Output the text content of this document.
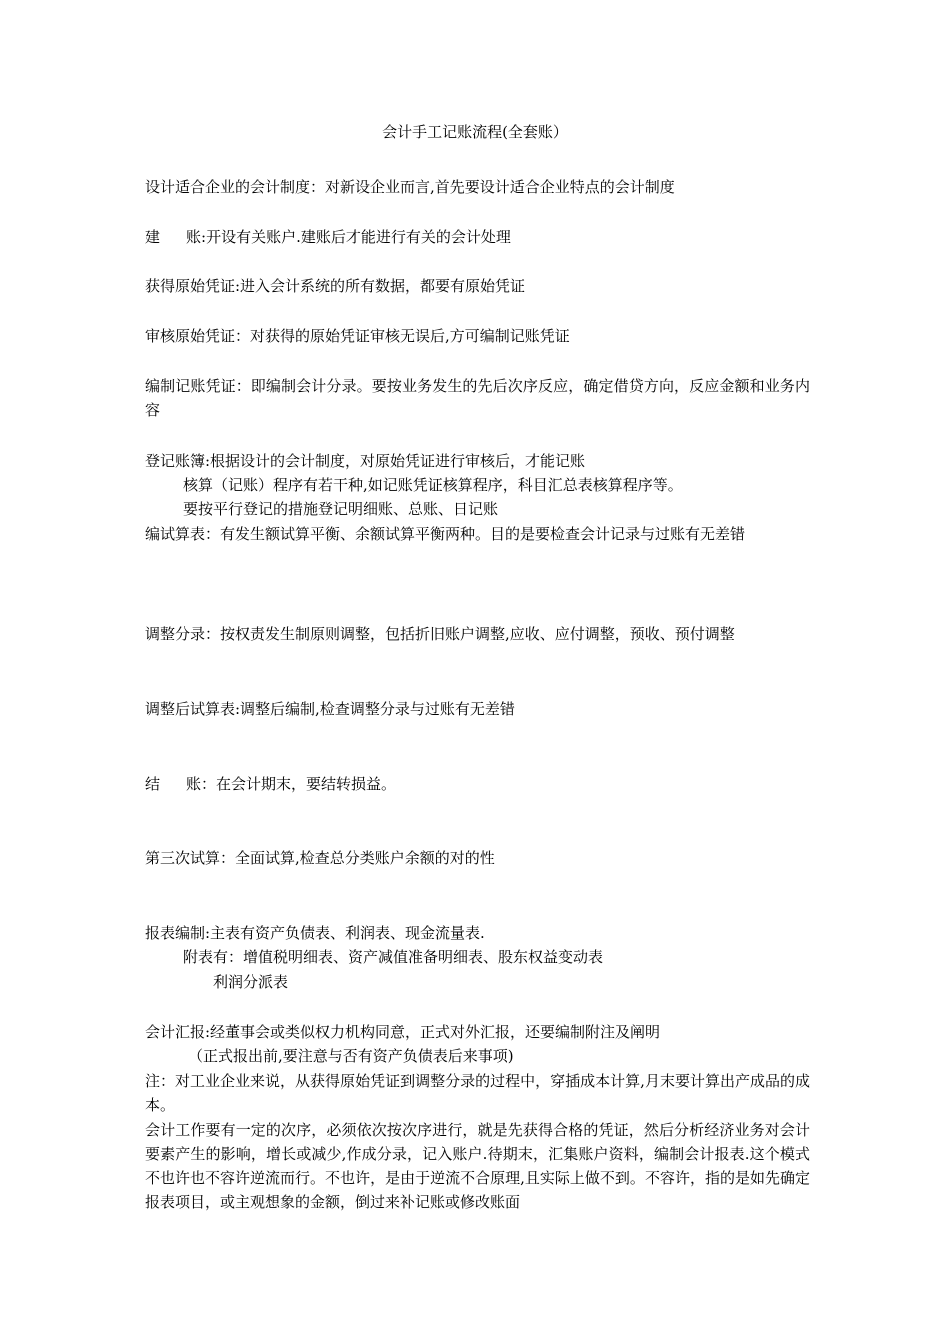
会计手工记账流程(全套账）
设计适合企业的会计制度：对新设企业而言,首先要设计适合企业特点的会计制度
建 账:开设有关账户.建账后才能进行有关的会计处理
获得原始凭证:进入会计系统的所有数据，都要有原始凭证
审核原始凭证：对获得的原始凭证审核无误后,方可编制记账凭证
编制记账凭证：即编制会计分录。要按业务发生的先后次序反应，确定借贷方向，反应金额和业务内容
登记账簿:根据设计的会计制度，对原始凭证进行审核后，才能记账
核算（记账）程序有若干种,如记账凭证核算程序，科目汇总表核算程序等。
要按平行登记的措施登记明细账、总账、日记账
编试算表：有发生额试算平衡、余额试算平衡两种。目的是要检查会计记录与过账有无差错
调整分录：按权责发生制原则调整，包括折旧账户调整,应收、应付调整，预收、预付调整
调整后试算表:调整后编制,检查调整分录与过账有无差错
结 账：在会计期末，要结转损益。
第三次试算：全面试算,检查总分类账户余额的对的性
报表编制:主表有资产负债表、利润表、现金流量表.
附表有：增值税明细表、资产减值准备明细表、股东权益变动表
利润分派表
会计汇报:经董事会或类似权力机构同意，正式对外汇报，还要编制附注及阐明
（正式报出前,要注意与否有资产负债表后来事项)
注：对工业企业来说，从获得原始凭证到调整分录的过程中，穿插成本计算,月末要计算出产成品的成本。
会计工作要有一定的次序，必须依次按次序进行，就是先获得合格的凭证，然后分析经济业务对会计要素产生的影响，增长或减少,作成分录，记入账户.待期末，汇集账户资料，编制会计报表.这个模式不也许也不容许逆流而行。不也许，是由于逆流不合原理,且实际上做不到。不容许，指的是如先确定报表项目，或主观想象的金额，倒过来补记账或修改账面
